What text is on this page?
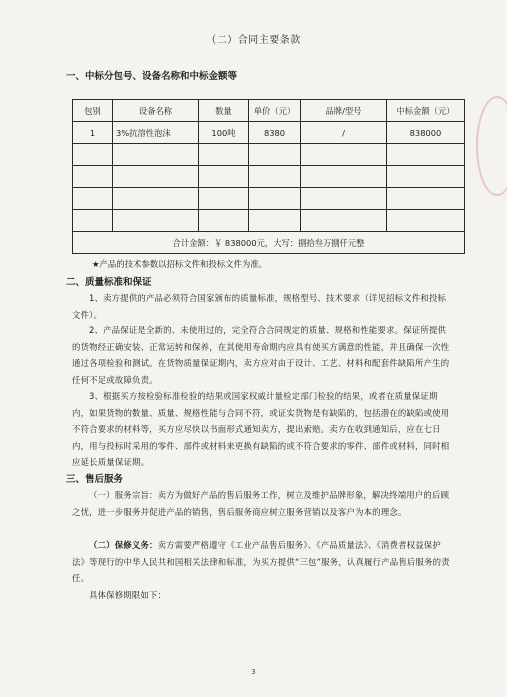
（二）合同主要条款
一、中标分包号、设备名称和中标金额等
包别	设备名称	数量	单价（元）	品牌/型号	中标金额（元）
1	3%抗溶性泡沫	100吨	8380	/	838000

合计金额：￥ 838000元，大写：捌拾叁万捌仟元整					
★产品的技术参数以招标文件和投标文件为准。
二、质量标准和保证
1、卖方提供的产品必须符合国家颁布的质量标准，规格型号、技术要求（详见招标文件和投标文件）。
2、产品保证是全新的、未使用过的，完全符合合同规定的质量、规格和性能要求。保证所提供的货物经正确安装、正常运转和保养，在其使用寿命期内应具有使买方满意的性能，并且确保一次性通过各项检验和测试。在货物质量保证期内，卖方应对由于设计、工艺、材料和配套件缺陷所产生的任何不足或故障负责。
3、根据买方按检验标准检验的结果或国家权威计量检定部门检验的结果，或者在质量保证期内，如果货物的数量、质量、规格性能与合同不符，或证实货物是有缺陷的，包括潜在的缺陷或使用不符合要求的材料等，买方应尽快以书面形式通知卖方，提出索赔。卖方在收到通知后，应在七日内，用与投标时采用的零件、部件或材料来更换有缺陷的或不符合要求的零件、部件或材料，同时相应延长质量保证期。
三、售后服务
（一）服务宗旨：卖方为做好产品的售后服务工作，树立及维护品牌形象，解决终端用户的后顾之忧，进一步服务并促进产品的销售，售后服务商应树立服务营销以及客户为本的理念。
（二）保修义务：卖方需要严格遵守《工业产品售后服务》、《产品质量法》、《消费者权益保护法》等现行的中华人民共和国相关法律和标准，为买方提供“三包”服务，认真履行产品售后服务的责任。
具体保修期限如下：
3
